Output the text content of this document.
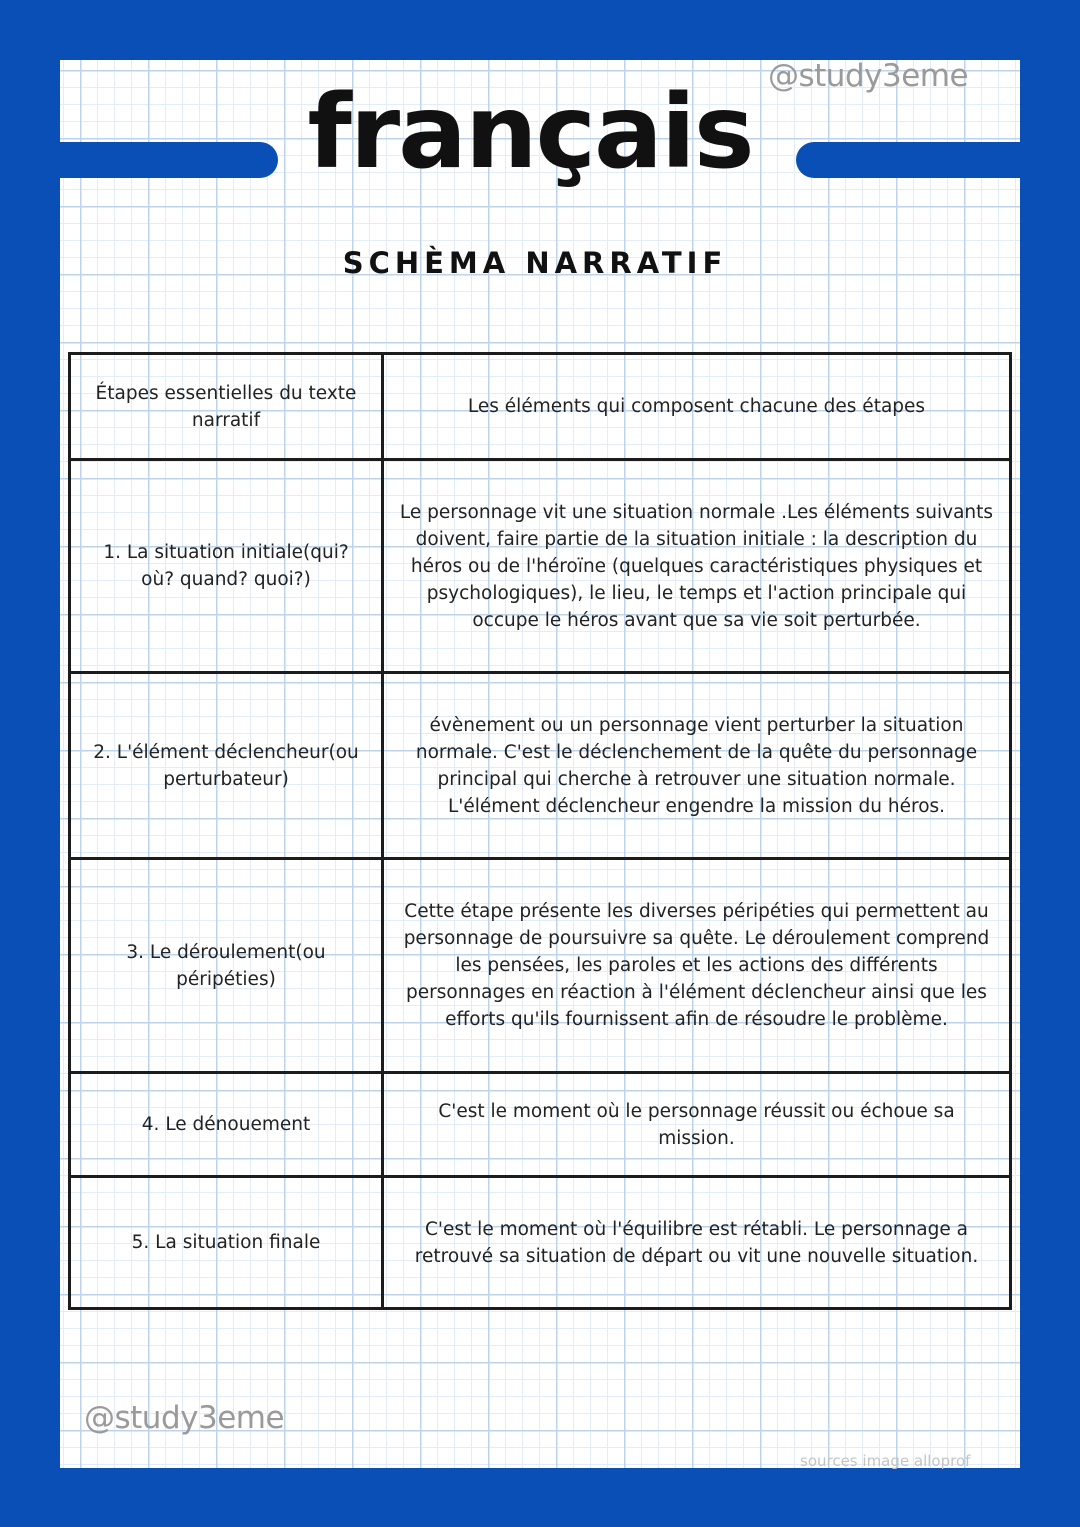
@study3eme
français
SCHÈMA NARRATIF
Étapes essentielles du texte narratif	Les éléments qui composent chacune des étapes
1. La situation initiale(qui? où? quand? quoi?)	Le personnage vit une situation normale .Les éléments suivants doivent, faire partie de la situation initiale : la description du héros ou de l'héroïne (quelques caractéristiques physiques et psychologiques), le lieu, le temps et l'action principale qui occupe le héros avant que sa vie soit perturbée.
2. L'élément déclencheur(ou perturbateur)	évènement ou un personnage vient perturber la situation normale. C'est le déclenchement de la quête du personnage principal qui cherche à retrouver une situation normale. L'élément déclencheur engendre la mission du héros.
3. Le déroulement(ou péripéties)	Cette étape présente les diverses péripéties qui permettent au personnage de poursuivre sa quête. Le déroulement comprend les pensées, les paroles et les actions des différents personnages en réaction à l'élément déclencheur ainsi que les efforts qu'ils fournissent afin de résoudre le problème.
4. Le dénouement	C'est le moment où le personnage réussit ou échoue sa mission.
5. La situation finale	C'est le moment où l'équilibre est rétabli. Le personnage a retrouvé sa situation de départ ou vit une nouvelle situation.
@study3eme
sources image alloprof
